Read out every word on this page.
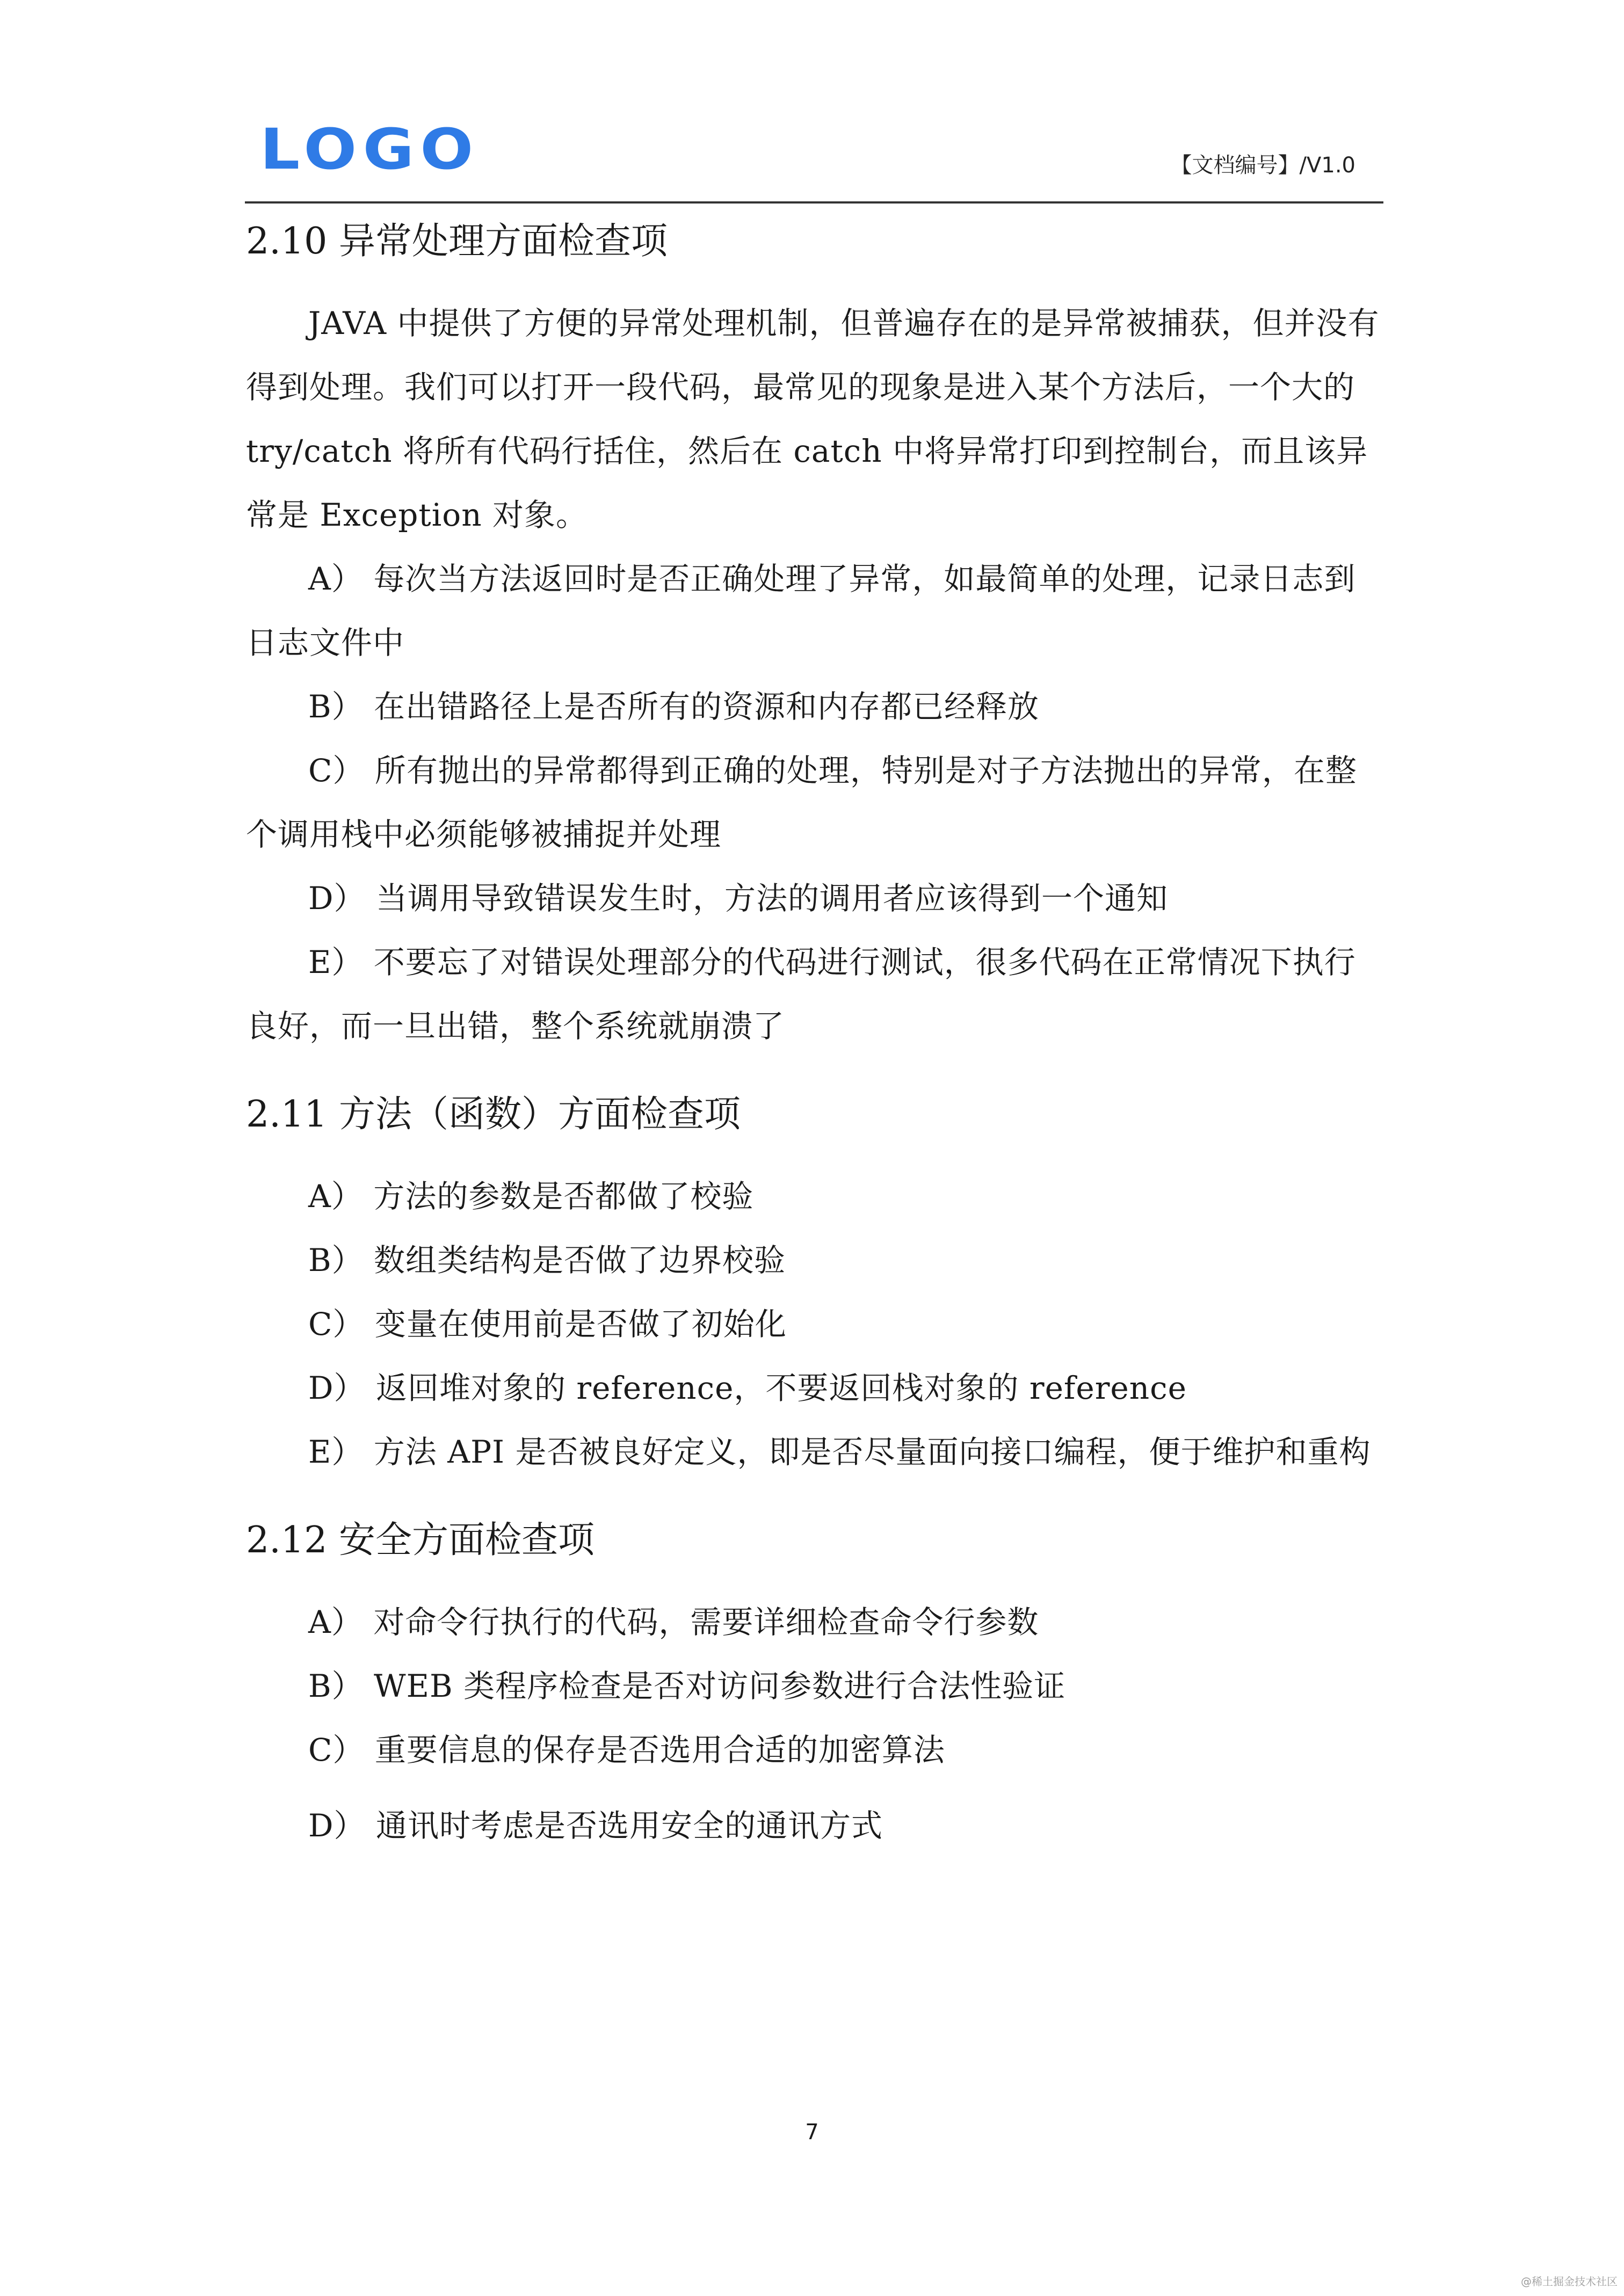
LOGO	【文档编号】/V1.0
2.10 异常处理方面检查项

JAVA 中提供了方便的异常处理机制，但普遍存在的是异常被捕获，但并没有得到处理。我们可以打开一段代码，最常见的现象是进入某个方法后，一个大的 try/catch 将所有代码行括住，然后在 catch 中将异常打印到控制台，而且该异常是 Exception 对象。

A） 每次当方法返回时是否正确处理了异常，如最简单的处理，记录日志到日志文件中

B） 在出错路径上是否所有的资源和内存都已经释放

C） 所有抛出的异常都得到正确的处理，特别是对子方法抛出的异常，在整个调用栈中必须能够被捕捉并处理

D） 当调用导致错误发生时，方法的调用者应该得到一个通知

E） 不要忘了对错误处理部分的代码进行测试，很多代码在正常情况下执行良好，而一旦出错，整个系统就崩溃了

2.11 方法（函数）方面检查项

A） 方法的参数是否都做了校验

B） 数组类结构是否做了边界校验

C） 变量在使用前是否做了初始化

D） 返回堆对象的 reference，不要返回栈对象的 reference

E） 方法 API 是否被良好定义，即是否尽量面向接口编程，便于维护和重构

2.12 安全方面检查项

A） 对命令行执行的代码，需要详细检查命令行参数

B） WEB 类程序检查是否对访问参数进行合法性验证

C） 重要信息的保存是否选用合适的加密算法

D） 通讯时考虑是否选用安全的通讯方式

7
@稀土掘金技术社区
